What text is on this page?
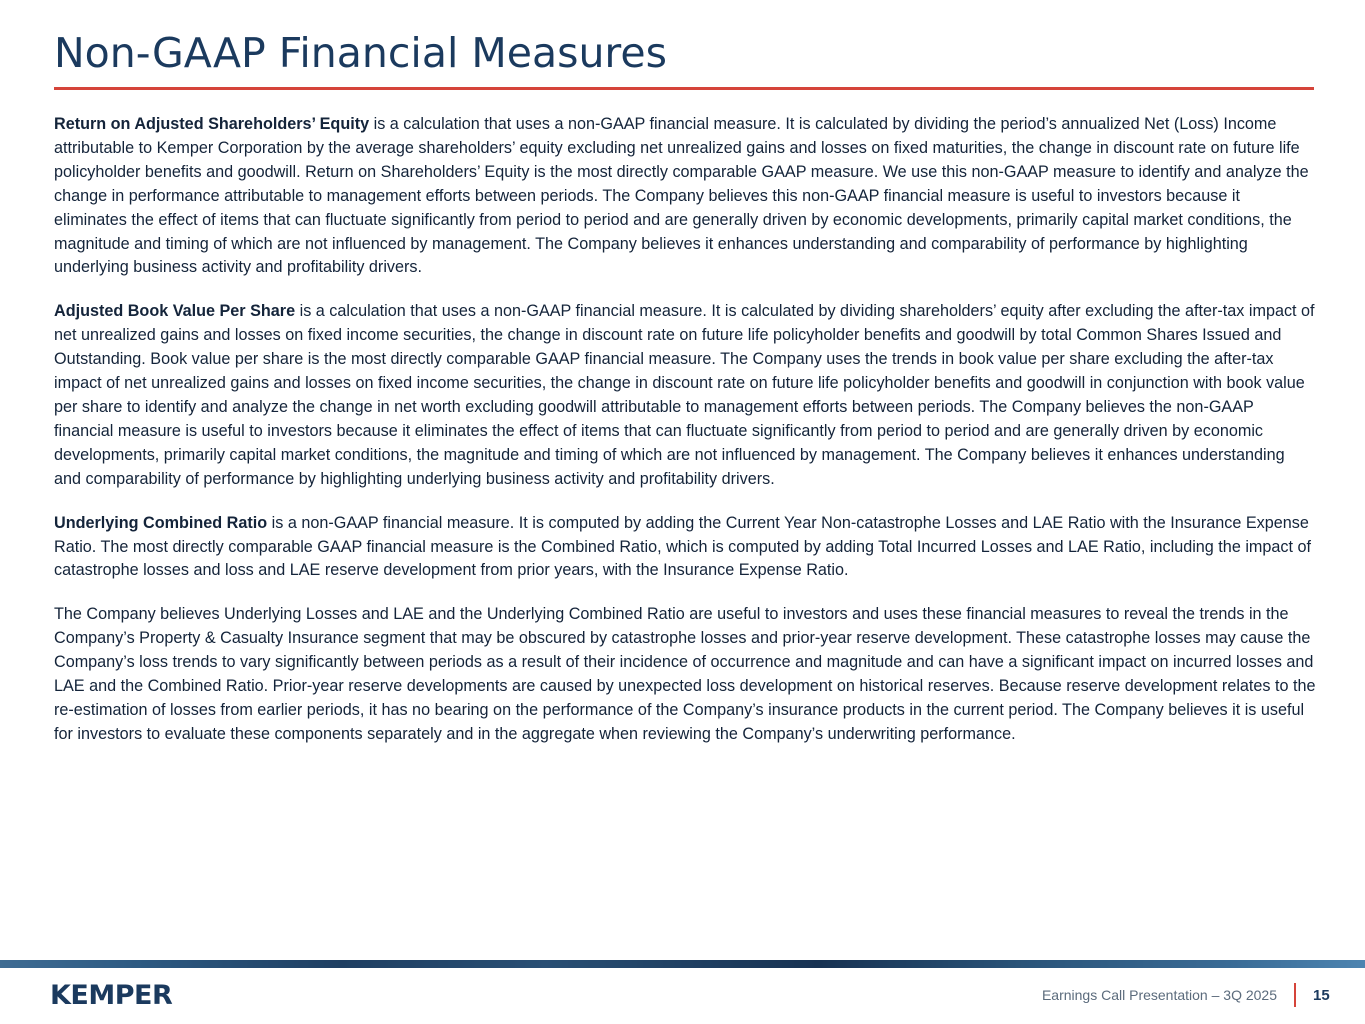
Non-GAAP Financial Measures

Return on Adjusted Shareholders’ Equity is a calculation that uses a non-GAAP financial measure. It is calculated by dividing the period’s annualized Net (Loss) Income attributable to Kemper Corporation by the average shareholders’ equity excluding net unrealized gains and losses on fixed maturities, the change in discount rate on future life policyholder benefits and goodwill. Return on Shareholders’ Equity is the most directly comparable GAAP measure. We use this non-GAAP measure to identify and analyze the change in performance attributable to management efforts between periods. The Company believes this non-GAAP financial measure is useful to investors because it eliminates the effect of items that can fluctuate significantly from period to period and are generally driven by economic developments, primarily capital market conditions, the magnitude and timing of which are not influenced by management. The Company believes it enhances understanding and comparability of performance by highlighting underlying business activity and profitability drivers.

Adjusted Book Value Per Share is a calculation that uses a non-GAAP financial measure. It is calculated by dividing shareholders’ equity after excluding the after-tax impact of net unrealized gains and losses on fixed income securities, the change in discount rate on future life policyholder benefits and goodwill by total Common Shares Issued and Outstanding. Book value per share is the most directly comparable GAAP financial measure. The Company uses the trends in book value per share excluding the after-tax impact of net unrealized gains and losses on fixed income securities, the change in discount rate on future life policyholder benefits and goodwill in conjunction with book value per share to identify and analyze the change in net worth excluding goodwill attributable to management efforts between periods. The Company believes the non-GAAP financial measure is useful to investors because it eliminates the effect of items that can fluctuate significantly from period to period and are generally driven by economic developments, primarily capital market conditions, the magnitude and timing of which are not influenced by management. The Company believes it enhances understanding and comparability of performance by highlighting underlying business activity and profitability drivers.

Underlying Combined Ratio is a non-GAAP financial measure. It is computed by adding the Current Year Non-catastrophe Losses and LAE Ratio with the Insurance Expense Ratio. The most directly comparable GAAP financial measure is the Combined Ratio, which is computed by adding Total Incurred Losses and LAE Ratio, including the impact of catastrophe losses and loss and LAE reserve development from prior years, with the Insurance Expense Ratio.

The Company believes Underlying Losses and LAE and the Underlying Combined Ratio are useful to investors and uses these financial measures to reveal the trends in the Company’s Property & Casualty Insurance segment that may be obscured by catastrophe losses and prior-year reserve development. These catastrophe losses may cause the Company’s loss trends to vary significantly between periods as a result of their incidence of occurrence and magnitude and can have a significant impact on incurred losses and LAE and the Combined Ratio. Prior-year reserve developments are caused by unexpected loss development on historical reserves. Because reserve development relates to the re-estimation of losses from earlier periods, it has no bearing on the performance of the Company’s insurance products in the current period. The Company believes it is useful for investors to evaluate these components separately and in the aggregate when reviewing the Company’s underwriting performance.

KEMPER	Earnings Call Presentation – 3Q 2025 15
